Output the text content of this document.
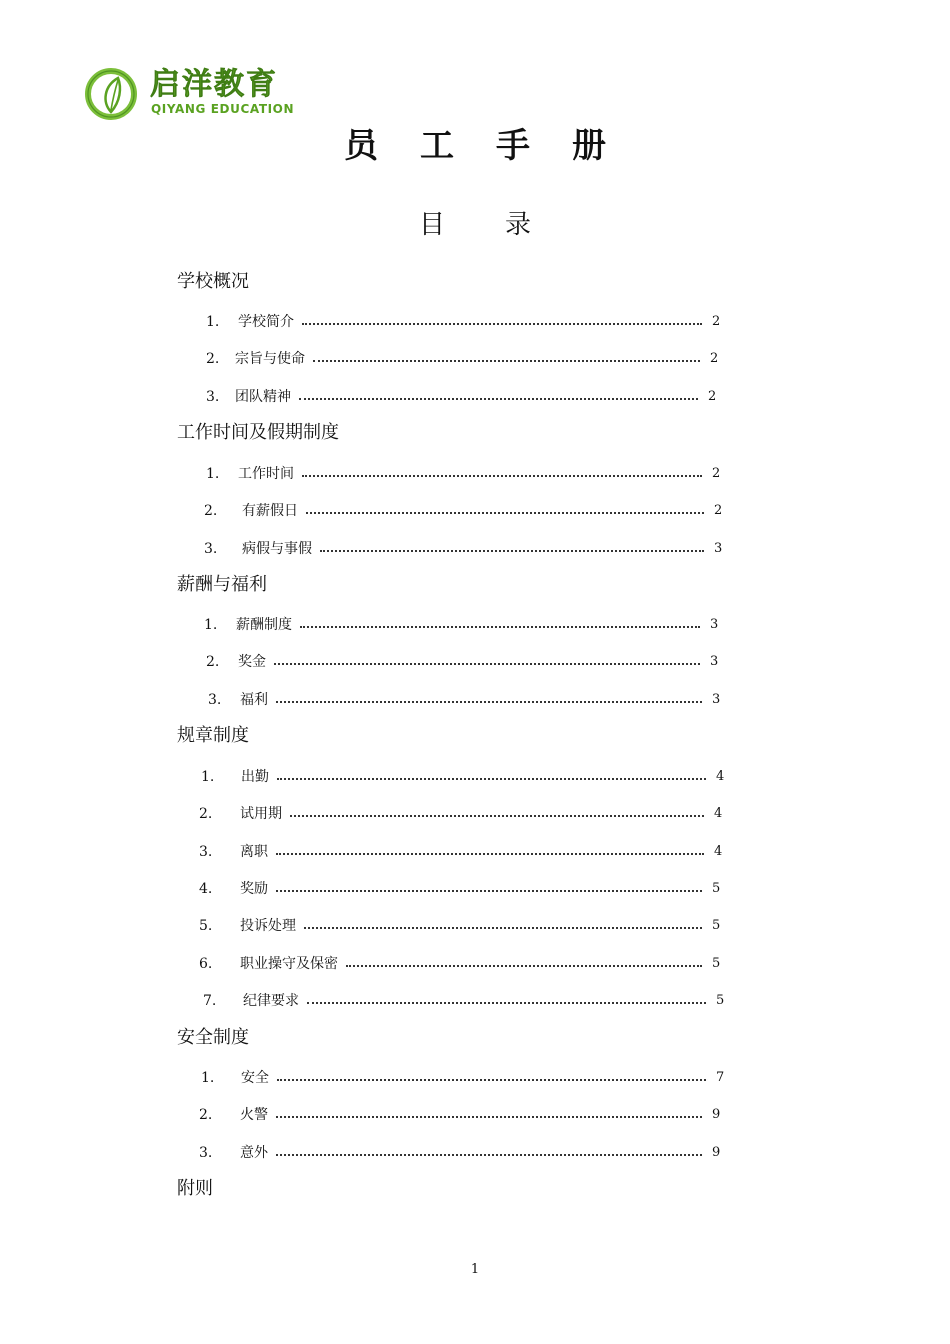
启洋教育
QIYANG EDUCATION
员工手册
目录
学校概况
1.	学校简介	2
2.	宗旨与使命	2
3.	团队精神	2
工作时间及假期制度
1.	工作时间	2
2.	有薪假日	2
3.	病假与事假	3
薪酬与福利
1.	薪酬制度	3
2.	奖金	3
3.	福利	3
规章制度
1.	出勤	4
2.	试用期	4
3.	离职	4
4.	奖励	5
5.	投诉处理	5
6.	职业操守及保密	5
7.	纪律要求	5
安全制度
1.	安全	7
2.	火警	9
3.	意外	9
附则
1
